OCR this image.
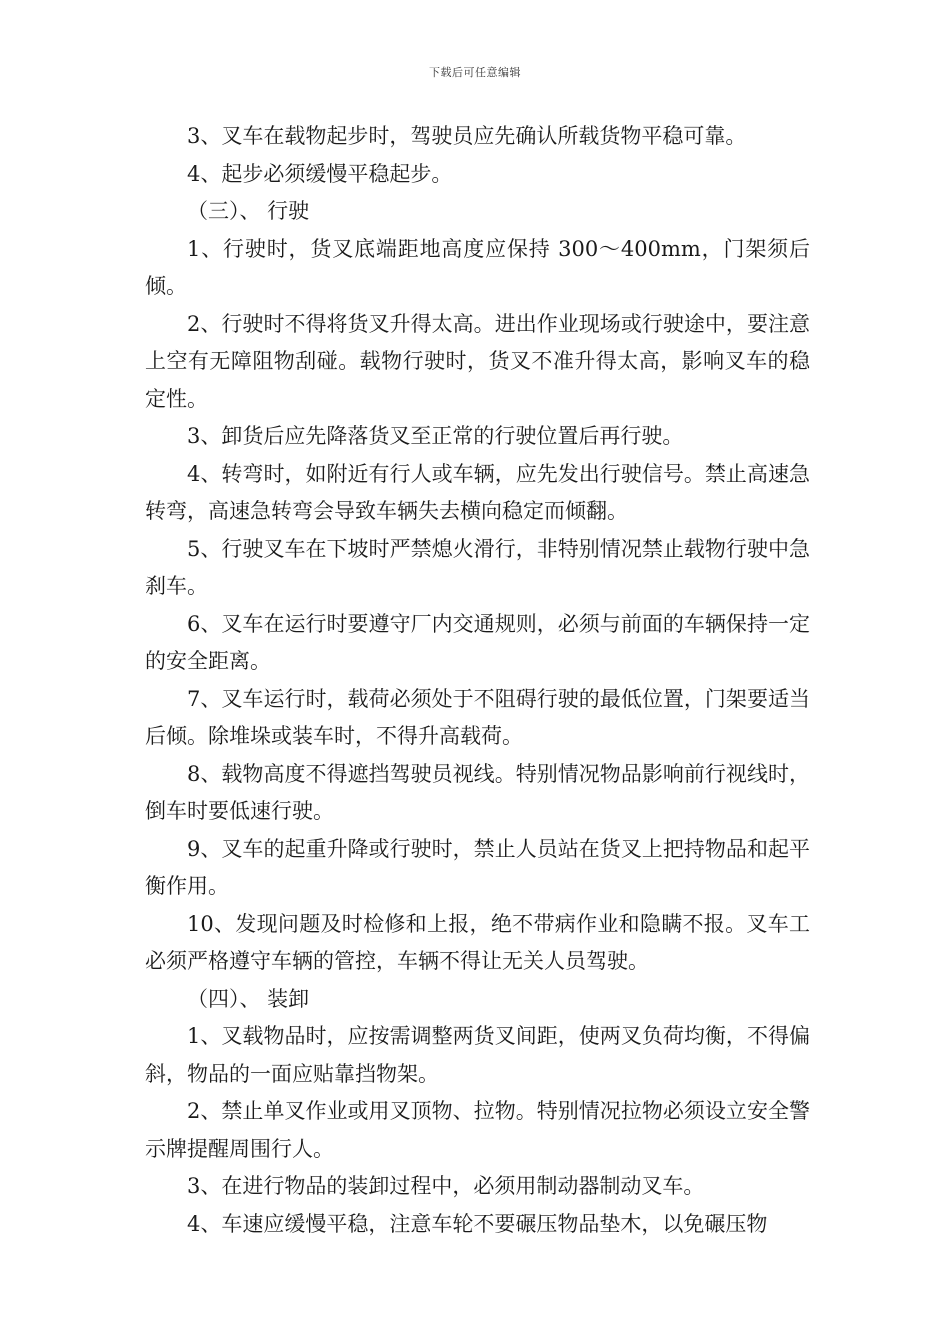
下载后可任意编辑

3、叉车在载物起步时，驾驶员应先确认所载货物平稳可靠。

4、起步必须缓慢平稳起步。

（三）、 行驶

1、行驶时，货叉底端距地高度应保持 300～400mm，门架须后倾。

2、行驶时不得将货叉升得太高。进出作业现场或行驶途中，要注意上空有无障阻物刮碰。载物行驶时，货叉不准升得太高，影响叉车的稳定性。

3、卸货后应先降落货叉至正常的行驶位置后再行驶。

4、转弯时，如附近有行人或车辆，应先发出行驶信号。禁止高速急转弯，高速急转弯会导致车辆失去横向稳定而倾翻。

5、行驶叉车在下坡时严禁熄火滑行，非特别情况禁止载物行驶中急刹车。

6、叉车在运行时要遵守厂内交通规则，必须与前面的车辆保持一定的安全距离。

7、叉车运行时，载荷必须处于不阻碍行驶的最低位置，门架要适当后倾。除堆垛或装车时，不得升高载荷。

8、载物高度不得遮挡驾驶员视线。特别情况物品影响前行视线时，倒车时要低速行驶。

9、叉车的起重升降或行驶时，禁止人员站在货叉上把持物品和起平衡作用。

10、发现问题及时检修和上报，绝不带病作业和隐瞒不报。叉车工必须严格遵守车辆的管控，车辆不得让无关人员驾驶。

（四）、 装卸

1、叉载物品时，应按需调整两货叉间距，使两叉负荷均衡，不得偏斜，物品的一面应贴靠挡物架。

2、禁止单叉作业或用叉顶物、拉物。特别情况拉物必须设立安全警示牌提醒周围行人。

3、在进行物品的装卸过程中，必须用制动器制动叉车。

4、车速应缓慢平稳，注意车轮不要碾压物品垫木，以免碾压物
